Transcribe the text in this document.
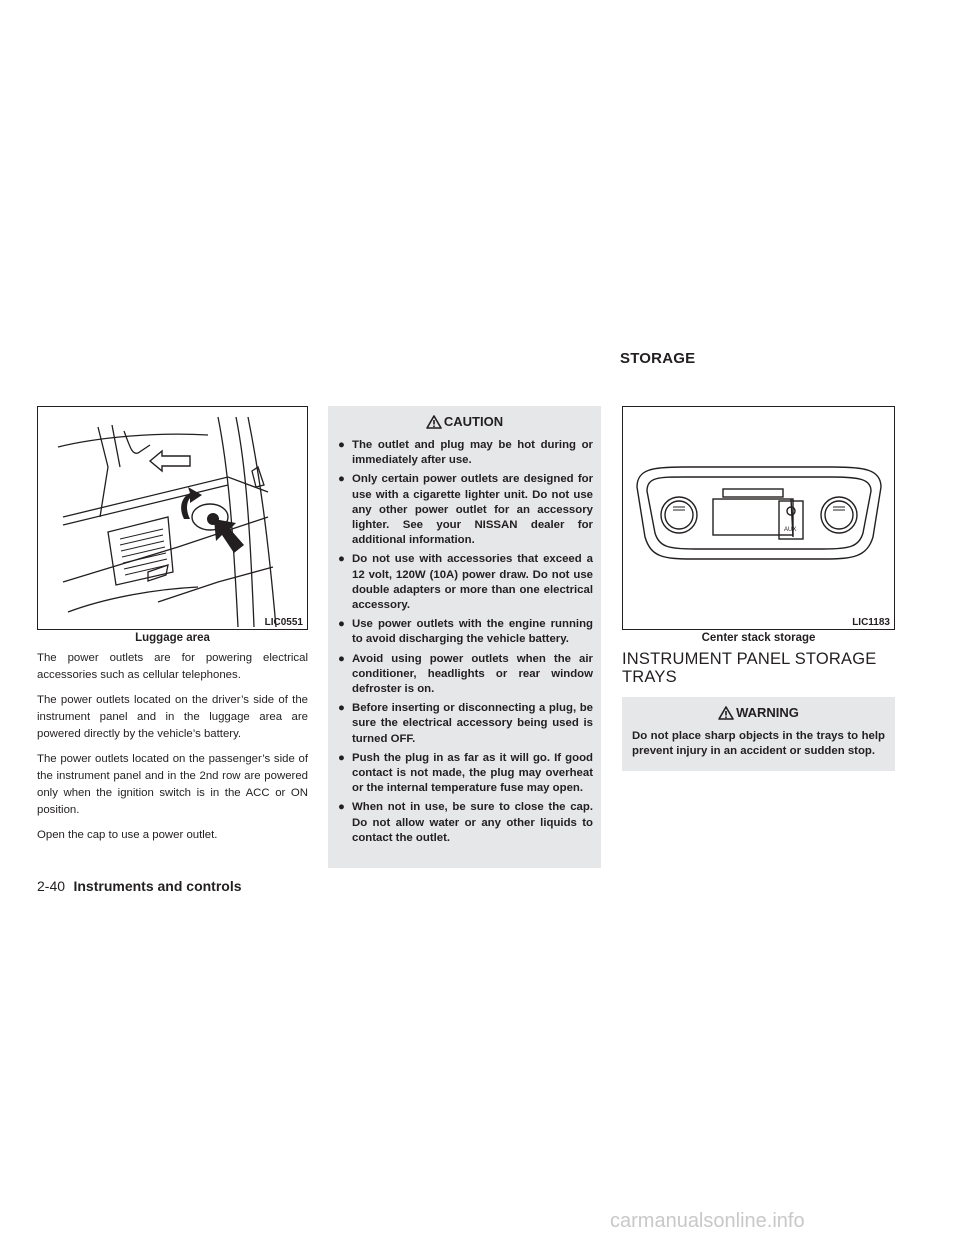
STORAGE
LIC0551
Luggage area

The power outlets are for powering electrical accessories such as cellular telephones.

The power outlets located on the driver’s side of the instrument panel and in the luggage area are powered directly by the vehicle’s battery.

The power outlets located on the passenger’s side of the instrument panel and in the 2nd row are powered only when the ignition switch is in the ACC or ON position.

Open the cap to use a power outlet.

CAUTION
● The outlet and plug may be hot during or immediately after use.
● Only certain power outlets are designed for use with a cigarette lighter unit. Do not use any other power outlet for an accessory lighter. See your NISSAN dealer for additional information.
● Do not use with accessories that exceed a 12 volt, 120W (10A) power draw. Do not use double adapters or more than one electrical accessory.
● Use power outlets with the engine running to avoid discharging the vehicle battery.
● Avoid using power outlets when the air conditioner, headlights or rear window defroster is on.
● Before inserting or disconnecting a plug, be sure the electrical accessory being used is turned OFF.
● Push the plug in as far as it will go. If good contact is not made, the plug may overheat or the internal temperature fuse may open.
● When not in use, be sure to close the cap. Do not allow water or any other liquids to contact the outlet.
AUX
LIC1183
Center stack storage
INSTRUMENT PANEL STORAGE TRAYS
WARNING
Do not place sharp objects in the trays to help prevent injury in an accident or sudden stop.
2-40 Instruments and controls
carmanualsonline.info
